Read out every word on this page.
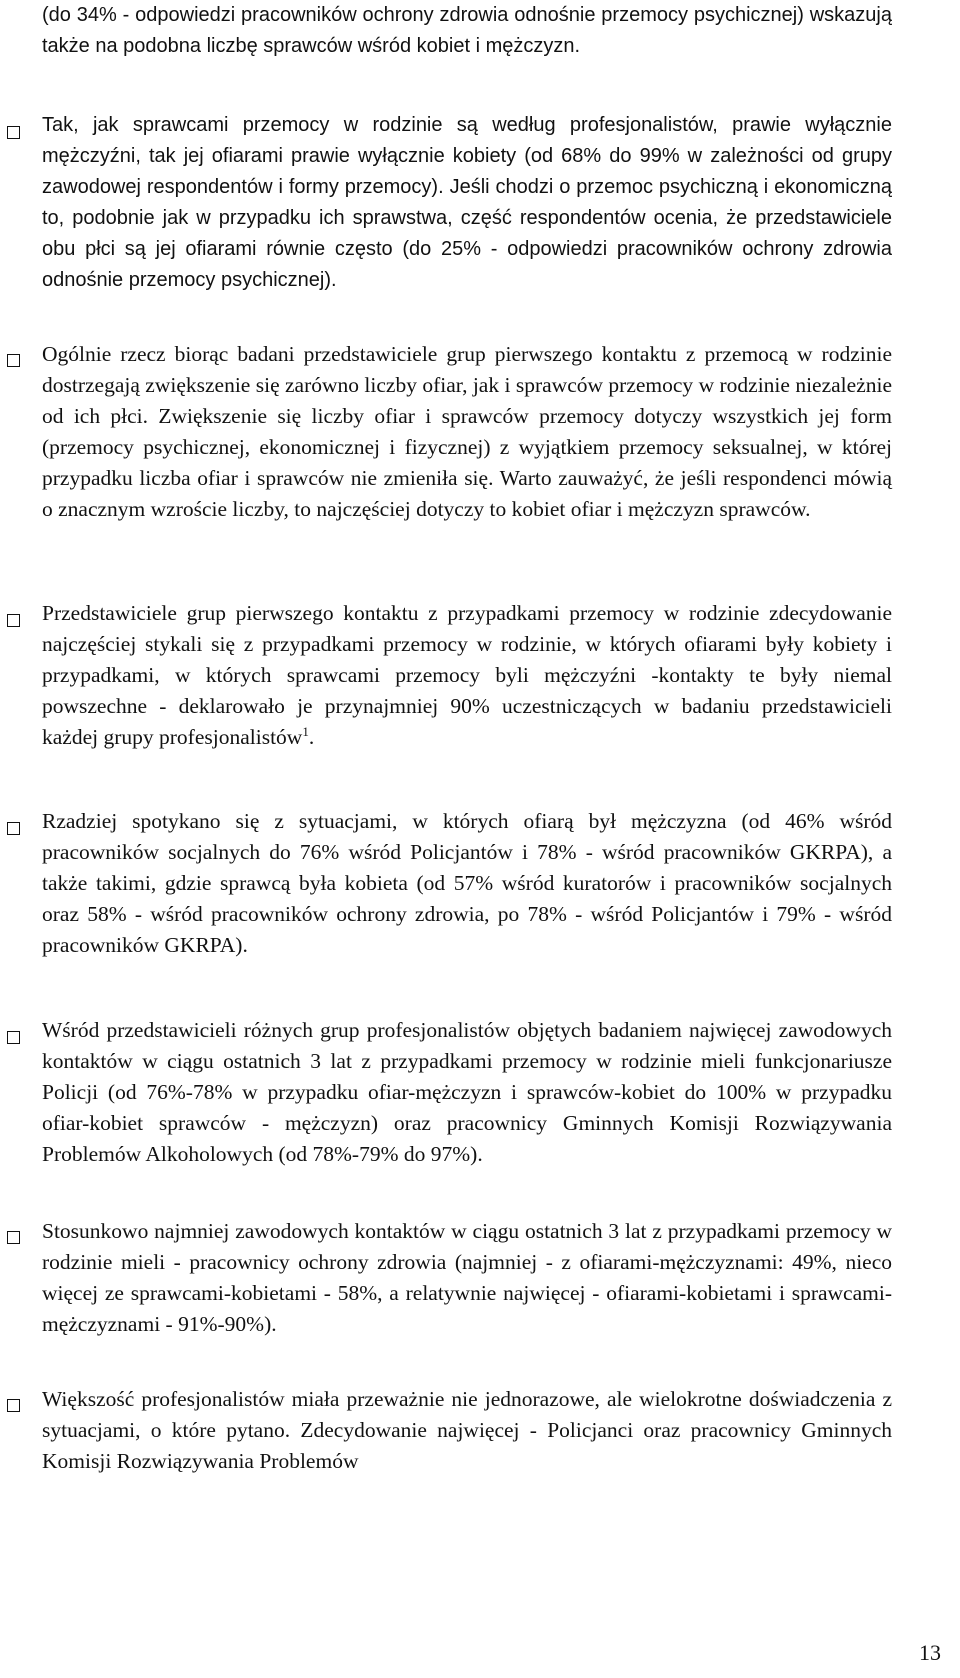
(do 34% - odpowiedzi pracowników ochrony zdrowia odnośnie przemocy psychicznej) wskazują także na podobna liczbę sprawców wśród kobiet i mężczyzn.
Tak, jak sprawcami przemocy w rodzinie są według profesjonalistów, prawie wyłącznie mężczyźni, tak jej ofiarami prawie wyłącznie kobiety (od 68% do 99% w zależności od grupy zawodowej respondentów i formy przemocy). Jeśli chodzi o przemoc psychiczną i ekonomiczną to, podobnie jak w przypadku ich sprawstwa, część respondentów ocenia, że przedstawiciele obu płci są jej ofiarami równie często (do 25% - odpowiedzi pracowników ochrony zdrowia odnośnie przemocy psychicznej).
Ogólnie rzecz biorąc badani przedstawiciele grup pierwszego kontaktu z przemocą w rodzinie dostrzegają zwiększenie się zarówno liczby ofiar, jak i sprawców przemocy w rodzinie niezależnie od ich płci. Zwiększenie się liczby ofiar i sprawców przemocy dotyczy wszystkich jej form (przemocy psychicznej, ekonomicznej i fizycznej) z wyjątkiem przemocy seksualnej, w której przypadku liczba ofiar i sprawców nie zmieniła się. Warto zauważyć, że jeśli respondenci mówią o znacznym wzroście liczby, to najczęściej dotyczy to kobiet ofiar i mężczyzn sprawców.
Przedstawiciele grup pierwszego kontaktu z przypadkami przemocy w rodzinie zdecydowanie najczęściej stykali się z przypadkami przemocy w rodzinie, w których ofiarami były kobiety i przypadkami, w których sprawcami przemocy byli mężczyźni -kontakty te były niemal powszechne - deklarowało je przynajmniej 90% uczestniczących w badaniu przedstawicieli każdej grupy profesjonalistów$^1$.
Rzadziej spotykano się z sytuacjami, w których ofiarą był mężczyzna (od 46% wśród pracowników socjalnych do 76% wśród Policjantów i 78% - wśród pracowników GKRPA), a także takimi, gdzie sprawcą była kobieta (od 57% wśród kuratorów i pracowników socjalnych oraz 58% - wśród pracowników ochrony zdrowia, po 78% - wśród Policjantów i 79% - wśród pracowników GKRPA).
Wśród przedstawicieli różnych grup profesjonalistów objętych badaniem najwięcej zawodowych kontaktów w ciągu ostatnich 3 lat z przypadkami przemocy w rodzinie mieli funkcjonariusze Policji (od 76%-78% w przypadku ofiar-mężczyzn i sprawców-kobiet do 100% w przypadku ofiar-kobiet sprawców - mężczyzn) oraz pracownicy Gminnych Komisji Rozwiązywania Problemów Alkoholowych (od 78%-79% do 97%).
Stosunkowo najmniej zawodowych kontaktów w ciągu ostatnich 3 lat z przypadkami przemocy w rodzinie mieli - pracownicy ochrony zdrowia (najmniej - z ofiarami-mężczyznami: 49%, nieco więcej ze sprawcami-kobietami - 58%, a relatywnie najwięcej - ofiarami-kobietami i sprawcami-mężczyznami - 91%-90%).
Większość profesjonalistów miała przeważnie nie jednorazowe, ale wielokrotne doświadczenia z sytuacjami, o które pytano. Zdecydowanie najwięcej - Policjanci oraz pracownicy Gminnych Komisji Rozwiązywania Problemów
13
